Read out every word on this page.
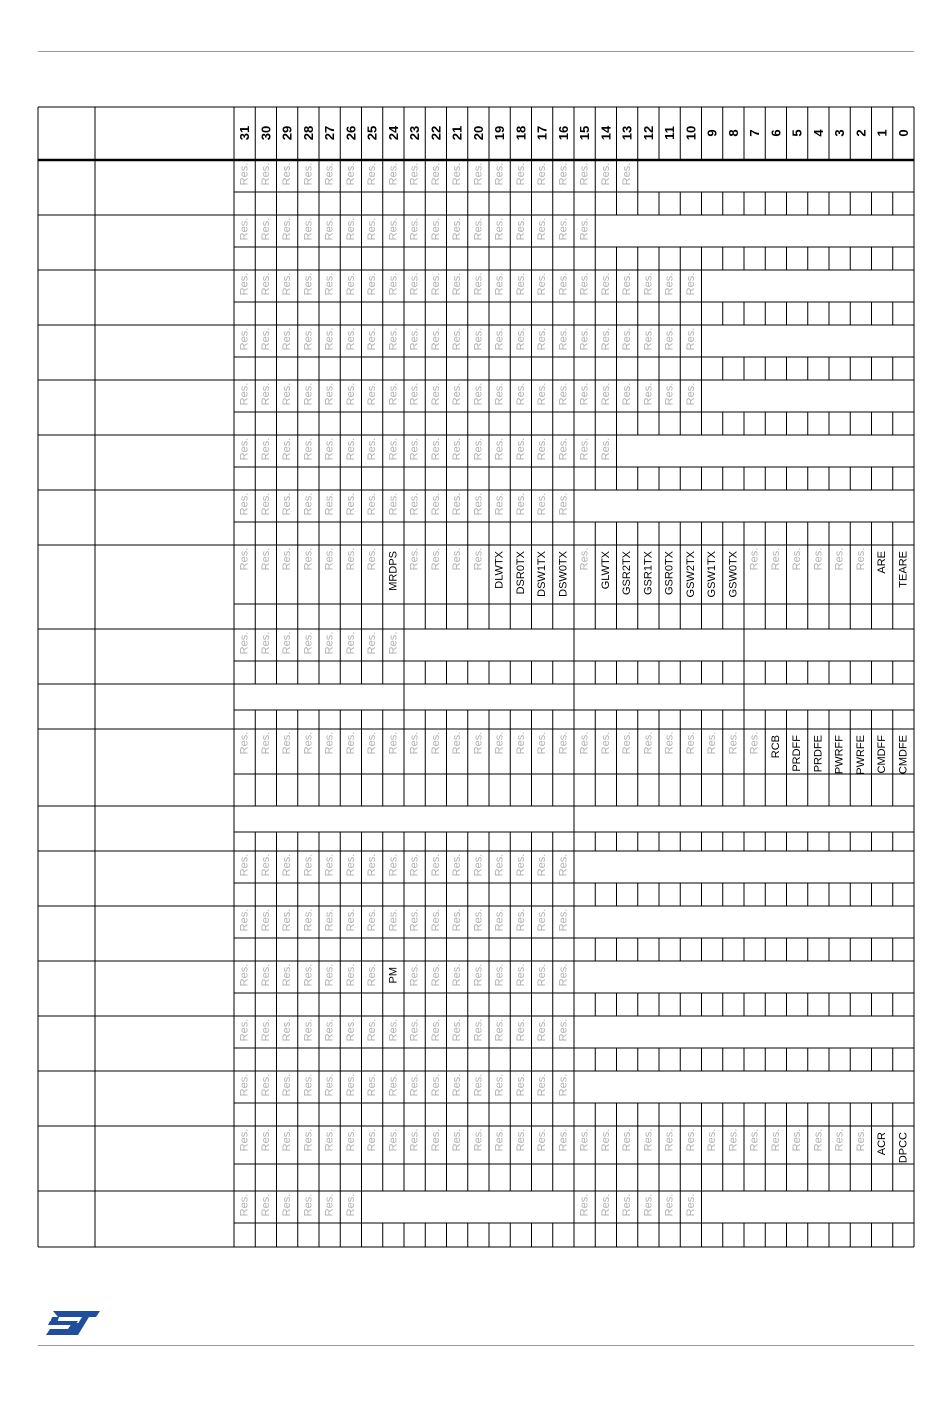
31 30 29 28 27 26 25 24 23 22 21 20 19 18 17 16 15 14 13 12 11 10 9 8 7 6 5 4 3 2 1 0
Res. Res. Res. Res. Res. Res. Res. Res. Res. Res. Res. Res. Res. Res. Res. Res. Res. Res. Res.
Res. Res. Res. Res. Res. Res. Res. Res. Res. Res. Res. Res. Res. Res. Res. Res. Res.
Res. Res. Res. Res. Res. Res. Res. Res. Res. Res. Res. Res. Res. Res. Res. Res. Res. Res. Res. Res. Res. Res.
Res. Res. Res. Res. Res. Res. Res. Res. Res. Res. Res. Res. Res. Res. Res. Res. Res. Res. Res. Res. Res. Res.
Res. Res. Res. Res. Res. Res. Res. Res. Res. Res. Res. Res. Res. Res. Res. Res. Res. Res. Res. Res. Res. Res.
Res. Res. Res. Res. Res. Res. Res. Res. Res. Res. Res. Res. Res. Res. Res. Res. Res. Res.
Res. Res. Res. Res. Res. Res. Res. Res. Res. Res. Res. Res. Res. Res. Res. Res.
Res. Res. Res. Res. Res. Res. Res. MRDPS Res. Res. Res. Res. DLWTX DSR0TX DSW1TX DSW0TX Res. GLWTX GSR2TX GSR1TX GSR0TX GSW2TX GSW1TX GSW0TX Res. Res. Res. Res. Res. Res. ARE TEARE
Res. Res. Res. Res. Res. Res. Res. Res.
Res. Res. Res. Res. Res. Res. Res. Res. Res. Res. Res. Res. Res. Res. Res. Res. Res. Res. Res. Res. Res. Res. Res. Res. Res. RCB PRDFF PRDFE PWRFF PWRFE CMDFF CMDFE
Res. Res. Res. Res. Res. Res. Res. Res. Res. Res. Res. Res. Res. Res. Res. Res.
Res. Res. Res. Res. Res. Res. Res. Res. Res. Res. Res. Res. Res. Res. Res. Res.
Res. Res. Res. Res. Res. Res. Res. PM Res. Res. Res. Res. Res. Res. Res. Res.
Res. Res. Res. Res. Res. Res. Res. Res. Res. Res. Res. Res. Res. Res. Res. Res.
Res. Res. Res. Res. Res. Res. Res. Res. Res. Res. Res. Res. Res. Res. Res. Res.
Res. Res. Res. Res. Res. Res. Res. Res. Res. Res. Res. Res. Res. Res. Res. Res. Res. Res. Res. Res. Res. Res. Res. Res. Res. Res. Res. Res. Res. Res. ACR DPCC
Res. Res. Res. Res. Res. Res.	Res. Res. Res. Res. Res. Res.
